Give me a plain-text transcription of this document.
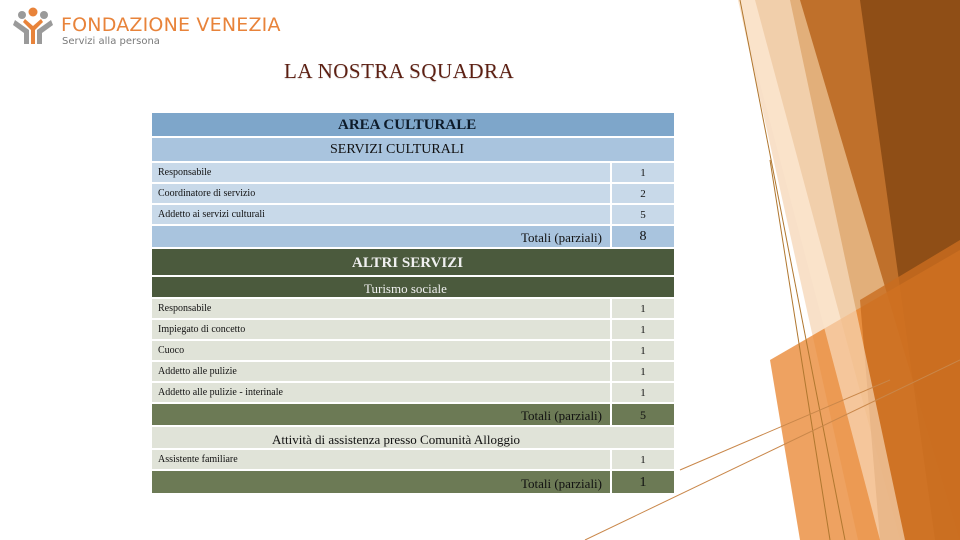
FONDAZIONE VENEZIA
Servizi alla persona
LA NOSTRA SQUADRA
AREA CULTURALE
SERVIZI CULTURALI
Responsabile	1
Coordinatore di servizio	2
Addetto ai servizi culturali	5
Totali (parziali)	8
ALTRI SERVIZI
Turismo sociale
Responsabile	1
Impiegato di concetto	1
Cuoco	1
Addetto alle pulizie	1
Addetto alle pulizie - interinale	1
Totali (parziali)	5
Attività di assistenza presso Comunità Alloggio
Assistente familiare	1
Totali (parziali)	1
